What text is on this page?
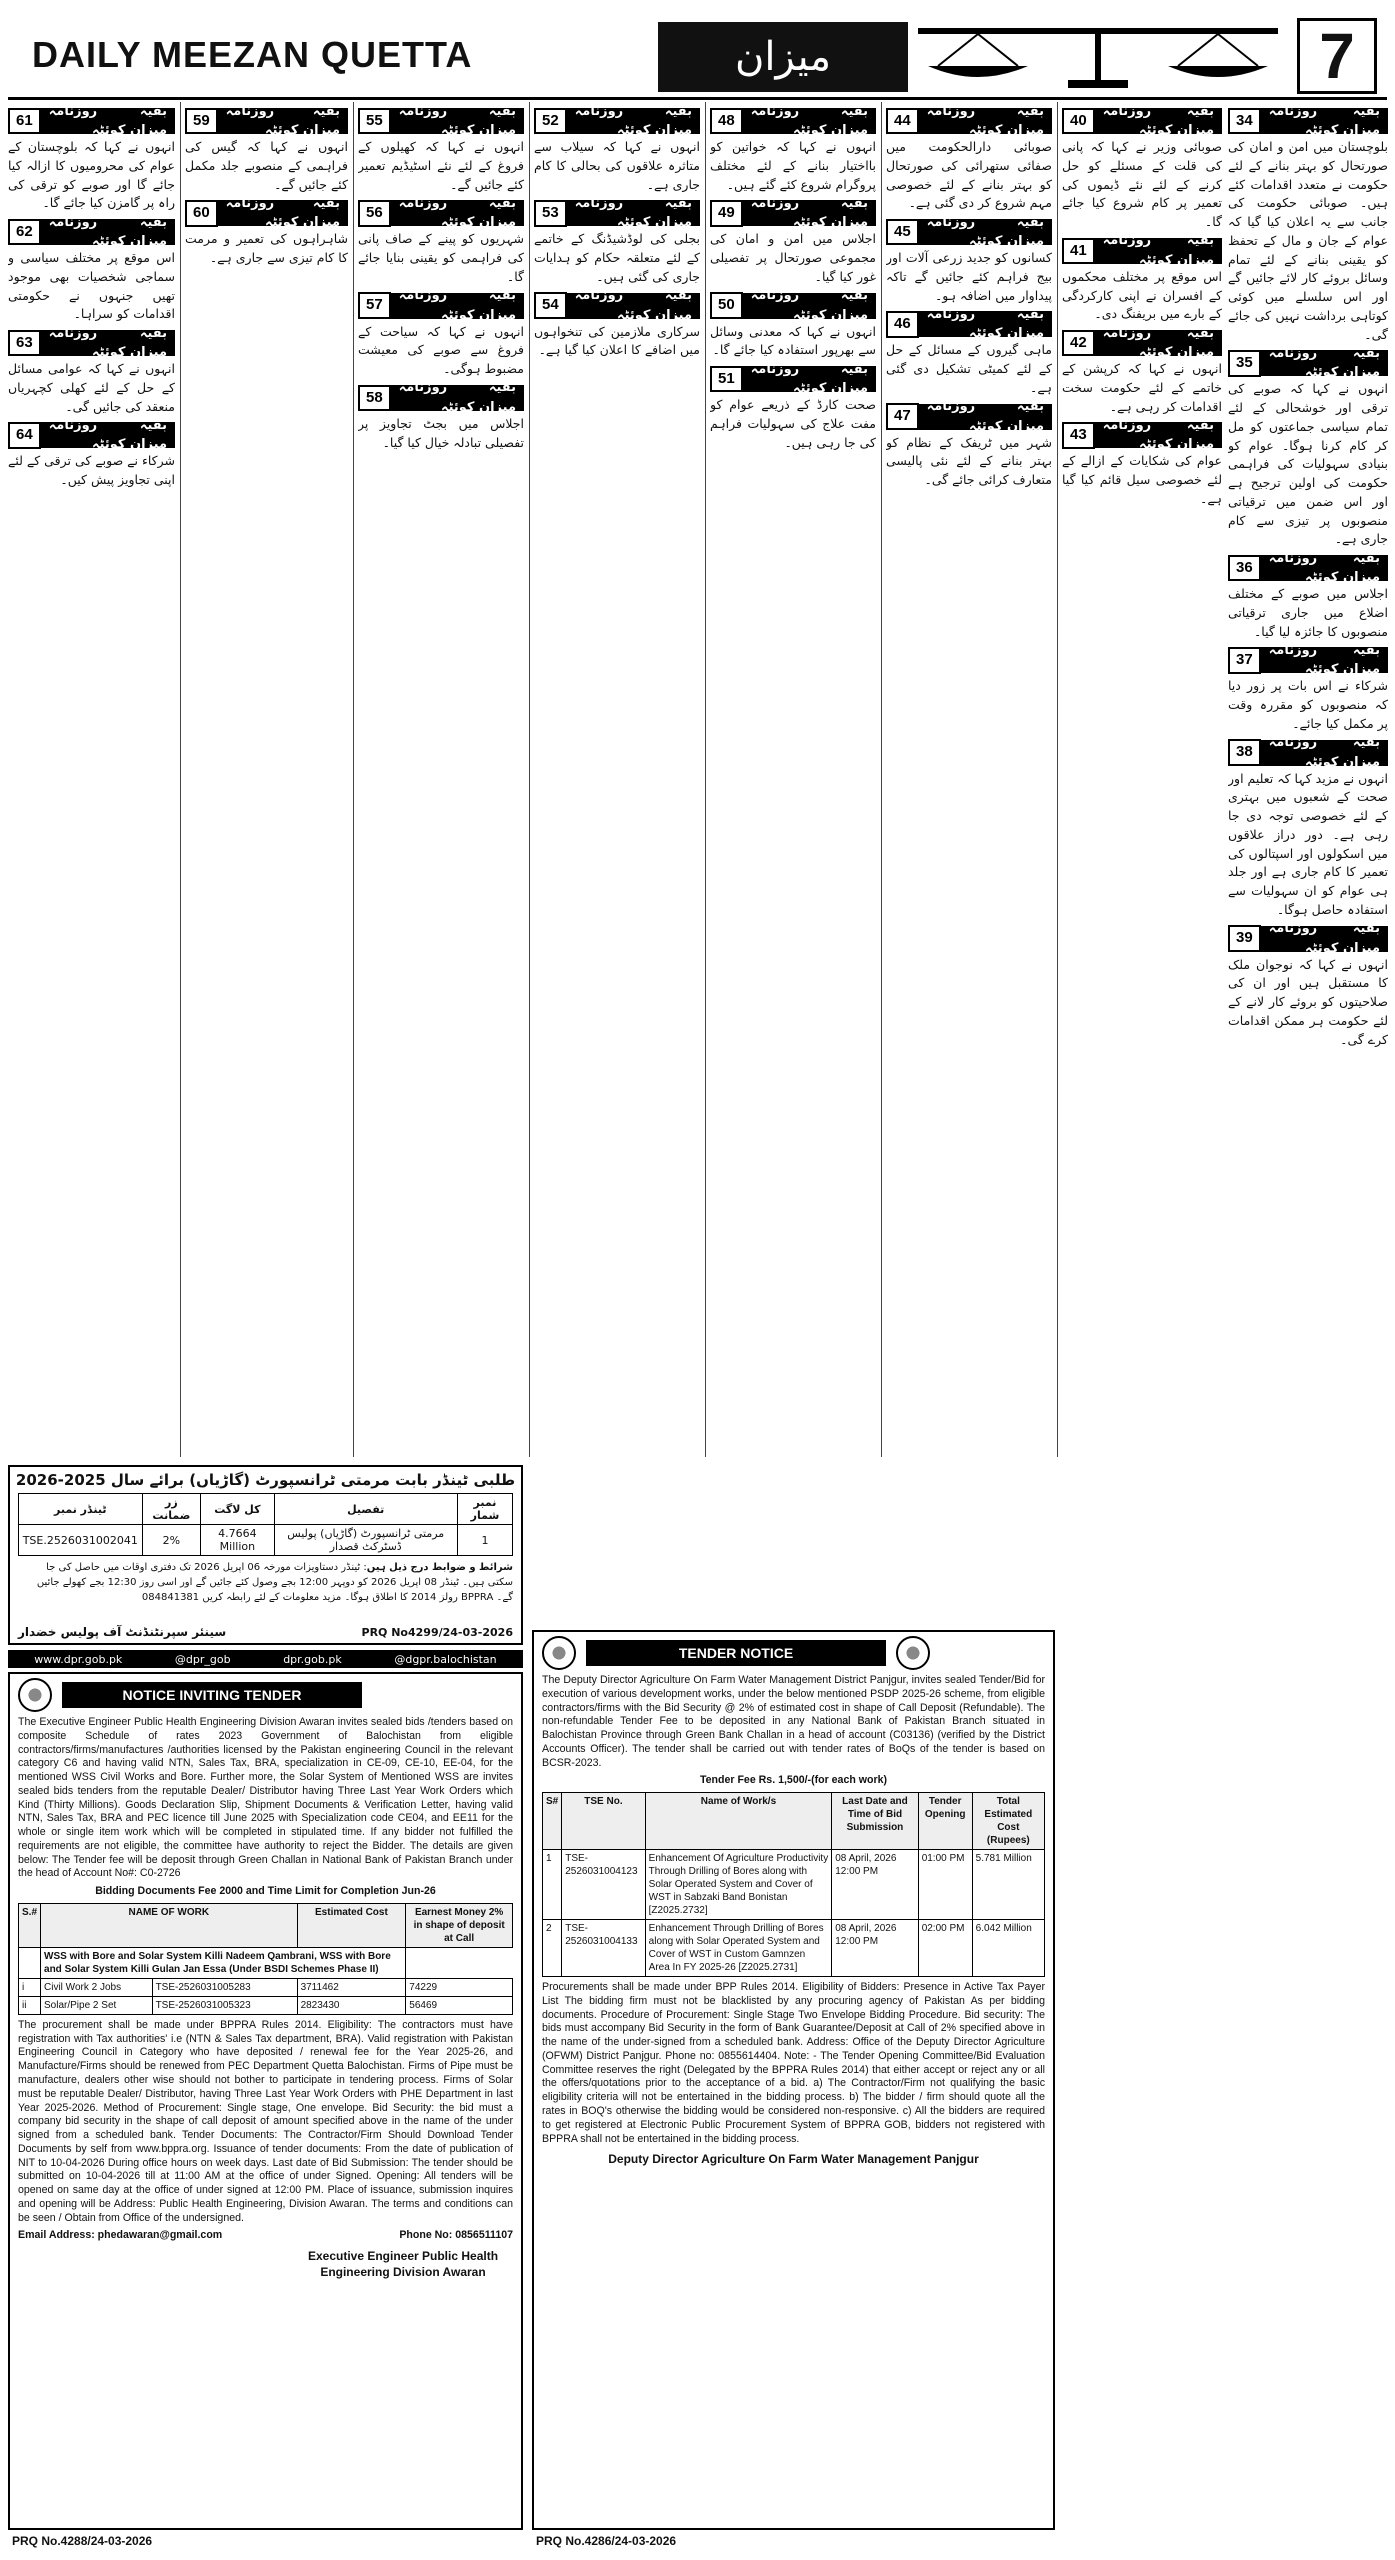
DAILY MEEZAN QUETTA	میزان	7
34
بقیہ روزنامہ میزان کوئٹہ

بلوچستان میں امن و امان کی صورتحال کو بہتر بنانے کے لئے حکومت نے متعدد اقدامات کئے ہیں۔ صوبائی حکومت کی جانب سے یہ اعلان کیا گیا کہ عوام کے جان و مال کے تحفظ کو یقینی بنانے کے لئے تمام وسائل بروئے کار لائے جائیں گے اور اس سلسلے میں کوئی کوتاہی برداشت نہیں کی جائے گی۔

35
بقیہ روزنامہ میزان کوئٹہ

انہوں نے کہا کہ صوبے کی ترقی اور خوشحالی کے لئے تمام سیاسی جماعتوں کو مل کر کام کرنا ہوگا۔ عوام کو بنیادی سہولیات کی فراہمی حکومت کی اولین ترجیح ہے اور اس ضمن میں ترقیاتی منصوبوں پر تیزی سے کام جاری ہے۔

36
بقیہ روزنامہ میزان کوئٹہ

اجلاس میں صوبے کے مختلف اضلاع میں جاری ترقیاتی منصوبوں کا جائزہ لیا گیا۔

37
بقیہ روزنامہ میزان کوئٹہ

شرکاء نے اس بات پر زور دیا کہ منصوبوں کو مقررہ وقت پر مکمل کیا جائے۔

38
بقیہ روزنامہ میزان کوئٹہ

انہوں نے مزید کہا کہ تعلیم اور صحت کے شعبوں میں بہتری کے لئے خصوصی توجہ دی جا رہی ہے۔ دور دراز علاقوں میں اسکولوں اور اسپتالوں کی تعمیر کا کام جاری ہے اور جلد ہی عوام کو ان سہولیات سے استفادہ حاصل ہوگا۔

39
بقیہ روزنامہ میزان کوئٹہ

انہوں نے کہا کہ نوجوان ملک کا مستقبل ہیں اور ان کی صلاحیتوں کو بروئے کار لانے کے لئے حکومت ہر ممکن اقدامات کرے گی۔

40
بقیہ روزنامہ میزان کوئٹہ

صوبائی وزیر نے کہا کہ پانی کی قلت کے مسئلے کو حل کرنے کے لئے نئے ڈیموں کی تعمیر پر کام شروع کیا جائے گا۔

41
بقیہ روزنامہ میزان کوئٹہ

اس موقع پر مختلف محکموں کے افسران نے اپنی کارکردگی کے بارے میں بریفنگ دی۔

42
بقیہ روزنامہ میزان کوئٹہ

انہوں نے کہا کہ کرپشن کے خاتمے کے لئے حکومت سخت اقدامات کر رہی ہے۔

43
بقیہ روزنامہ میزان کوئٹہ

عوام کی شکایات کے ازالے کے لئے خصوصی سیل قائم کیا گیا ہے۔

44
بقیہ روزنامہ میزان کوئٹہ

صوبائی دارالحکومت میں صفائی ستھرائی کی صورتحال کو بہتر بنانے کے لئے خصوصی مہم شروع کر دی گئی ہے۔

45
بقیہ روزنامہ میزان کوئٹہ

کسانوں کو جدید زرعی آلات اور بیج فراہم کئے جائیں گے تاکہ پیداوار میں اضافہ ہو۔

46
بقیہ روزنامہ میزان کوئٹہ

ماہی گیروں کے مسائل کے حل کے لئے کمیٹی تشکیل دی گئی ہے۔

47
بقیہ روزنامہ میزان کوئٹہ

شہر میں ٹریفک کے نظام کو بہتر بنانے کے لئے نئی پالیسی متعارف کرائی جائے گی۔

48
بقیہ روزنامہ میزان کوئٹہ

انہوں نے کہا کہ خواتین کو بااختیار بنانے کے لئے مختلف پروگرام شروع کئے گئے ہیں۔

49
بقیہ روزنامہ میزان کوئٹہ

اجلاس میں امن و امان کی مجموعی صورتحال پر تفصیلی غور کیا گیا۔

50
بقیہ روزنامہ میزان کوئٹہ

انہوں نے کہا کہ معدنی وسائل سے بھرپور استفادہ کیا جائے گا۔

51
بقیہ روزنامہ میزان کوئٹہ

صحت کارڈ کے ذریعے عوام کو مفت علاج کی سہولیات فراہم کی جا رہی ہیں۔

52
بقیہ روزنامہ میزان کوئٹہ

انہوں نے کہا کہ سیلاب سے متاثرہ علاقوں کی بحالی کا کام جاری ہے۔

53
بقیہ روزنامہ میزان کوئٹہ

بجلی کی لوڈشیڈنگ کے خاتمے کے لئے متعلقہ حکام کو ہدایات جاری کی گئی ہیں۔

54
بقیہ روزنامہ میزان کوئٹہ

سرکاری ملازمین کی تنخواہوں میں اضافے کا اعلان کیا گیا ہے۔

55
بقیہ روزنامہ میزان کوئٹہ

انہوں نے کہا کہ کھیلوں کے فروغ کے لئے نئے اسٹیڈیم تعمیر کئے جائیں گے۔

56
بقیہ روزنامہ میزان کوئٹہ

شہریوں کو پینے کے صاف پانی کی فراہمی کو یقینی بنایا جائے گا۔

57
بقیہ روزنامہ میزان کوئٹہ

انہوں نے کہا کہ سیاحت کے فروغ سے صوبے کی معیشت مضبوط ہوگی۔

58
بقیہ روزنامہ میزان کوئٹہ

اجلاس میں بجٹ تجاویز پر تفصیلی تبادلہ خیال کیا گیا۔

59
بقیہ روزنامہ میزان کوئٹہ

انہوں نے کہا کہ گیس کی فراہمی کے منصوبے جلد مکمل کئے جائیں گے۔

60
بقیہ روزنامہ میزان کوئٹہ

شاہراہوں کی تعمیر و مرمت کا کام تیزی سے جاری ہے۔

61
بقیہ روزنامہ میزان کوئٹہ

انہوں نے کہا کہ بلوچستان کے عوام کی محرومیوں کا ازالہ کیا جائے گا اور صوبے کو ترقی کی راہ پر گامزن کیا جائے گا۔

62
بقیہ روزنامہ میزان کوئٹہ

اس موقع پر مختلف سیاسی و سماجی شخصیات بھی موجود تھیں جنہوں نے حکومتی اقدامات کو سراہا۔

63
بقیہ روزنامہ میزان کوئٹہ

انہوں نے کہا کہ عوامی مسائل کے حل کے لئے کھلی کچہریاں منعقد کی جائیں گی۔

64
بقیہ روزنامہ میزان کوئٹہ

شرکاء نے صوبے کی ترقی کے لئے اپنی تجاویز پیش کیں۔

طلبی ٹینڈر بابت مرمتی ٹرانسپورٹ (گاڑیاں) برائے سال 2025-2026
نمبر شمار	تفصیل	کل لاگت	زر ضمانت	ٹینڈر نمبر
1	مرمتی ٹرانسپورٹ (گاڑیاں) پولیس ڈسٹرکٹ قصدار	4.7664 Million	2%	TSE.2526031002041
شرائط و ضوابط درج ذیل ہیں: ٹینڈر دستاویزات مورخہ 06 اپریل 2026 تک دفتری اوقات میں حاصل کی جا سکتی ہیں۔ ٹینڈر 08 اپریل 2026 کو دوپہر 12:00 بجے وصول کئے جائیں گے اور اسی روز 12:30 بجے کھولے جائیں گے۔ BPPRA رولز 2014 کا اطلاق ہوگا۔ مزید معلومات کے لئے رابطہ کریں 084841381
سینئر سپرنٹنڈنٹ آف پولیس خضدار	PRQ No4299/24-03-2026
www.dpr.gob.pk	@dpr_gob	dpr.gob.pk	@dgpr.balochistan
NOTICE INVITING TENDER

The Executive Engineer Public Health Engineering Division Awaran invites sealed bids /tenders based on composite Schedule of rates 2023 Government of Balochistan from eligible contractors/firms/manufactures /authorities licensed by the Pakistan engineering Council in the relevant category C6 and having valid NTN, Sales Tax, BRA, specialization in CE-09, CE-10, EE-04, for the mentioned WSS Civil Works and Bore. Further more, the Solar System of Mentioned WSS are invites sealed bids tenders from the reputable Dealer/ Distributor having Three Last Year Work Orders which Kind (Thirty Millions). Goods Declaration Slip, Shipment Documents & Verification Letter, having valid NTN, Sales Tax, BRA and PEC licence till June 2025 with Specialization code CE04, and EE11 for the whole or single item work which will be completed in stipulated time. If any bidder not fulfilled the requirements are not eligible, the committee have authority to reject the Bidder. The details are given below: The Tender fee will be deposit through Green Challan in National Bank of Pakistan Branch under the head of Account No#: C0-2726

Bidding Documents Fee 2000 and Time Limit for Completion Jun-26

S.#	NAME OF WORK		Estimated Cost	Earnest Money 2% in shape of deposit at Call
	WSS with Bore and Solar System Killi Nadeem Qambrani, WSS with Bore and Solar System Killi Gulan Jan Essa (Under BSDI Schemes Phase II)			
i	Civil Work 2 Jobs	TSE-2526031005283	3711462	74229
ii	Solar/Pipe 2 Set	TSE-2526031005323	2823430	56469

The procurement shall be made under BPPRA Rules 2014. Eligibility: The contractors must have registration with Tax authorities' i.e (NTN & Sales Tax department, BRA). Valid registration with Pakistan Engineering Council in Category who have deposited / renewal fee for the Year 2025-26, and Manufacture/Firms should be renewed from PEC Department Quetta Balochistan. Firms of Pipe must be manufacture, dealers other wise should not bother to participate in tendering process. Firms of Solar must be reputable Dealer/ Distributor, having Three Last Year Work Orders with PHE Department in last Year 2025-2026. Method of Procurement: Single stage, One envelope. Bid Security: the bid must a company bid security in the shape of call deposit of amount specified above in the name of the under signed from a scheduled bank. Tender Documents: The Contractor/Firm Should Download Tender Documents by self from www.bppra.org. Issuance of tender documents: From the date of publication of NIT to 10-04-2026 During office hours on week days. Last date of Bid Submission: The tender should be submitted on 10-04-2026 till at 11:00 AM at the office of under Signed. Opening: All tenders will be opened on same day at the office of under signed at 12:00 PM. Place of issuance, submission inquires and opening will be Address: Public Health Engineering, Division Awaran. The terms and conditions can be seen / Obtain from Office of the undersigned.

Email Address: phedawaran@gmail.com	Phone No: 0856511107
Executive Engineer Public Health Engineering Division Awaran
PRQ No.4288/24-03-2026
TENDER NOTICE

The Deputy Director Agriculture On Farm Water Management District Panjgur, invites sealed Tender/Bid for execution of various development works, under the below mentioned PSDP 2025-26 scheme, from eligible contractors/firms with the Bid Security @ 2% of estimated cost in shape of Call Deposit (Refundable). The non-refundable Tender Fee to be deposited in any National Bank of Pakistan Branch situated in Balochistan Province through Green Bank Challan in a head of account (C03136) (verified by the District Accounts Officer). The tender shall be carried out with tender rates of BoQs of the tender is based on BCSR-2023.

Tender Fee Rs. 1,500/-(for each work)

S#	TSE No.	Name of Work/s	Last Date and Time of Bid Submission	Tender Opening	Total Estimated Cost (Rupees)
1	TSE-2526031004123	Enhancement Of Agriculture Productivity Through Drilling of Bores along with Solar Operated System and Cover of WST in Sabzaki Band Bonistan [Z2025.2732]	08 April, 2026 12:00 PM	01:00 PM	5.781 Million
2	TSE-2526031004133	Enhancement Through Drilling of Bores along with Solar Operated System and Cover of WST in Custom Gamnzen Area In FY 2025-26 [Z2025.2731]	08 April, 2026 12:00 PM	02:00 PM	6.042 Million

Procurements shall be made under BPP Rules 2014. Eligibility of Bidders: Presence in Active Tax Payer List The bidding firm must not be blacklisted by any procuring agency of Pakistan As per bidding documents. Procedure of Procurement: Single Stage Two Envelope Bidding Procedure. Bid security: The bids must accompany Bid Security in the form of Bank Guarantee/Deposit at Call of 2% specified above in the name of the under-signed from a scheduled bank. Address: Office of the Deputy Director Agriculture (OFWM) District Panjgur. Phone no: 0855614404. Note: - The Tender Opening Committee/Bid Evaluation Committee reserves the right (Delegated by the BPPRA Rules 2014) that either accept or reject any or all the offers/quotations prior to the acceptance of a bid. a) The Contractor/Firm not qualifying the basic eligibility criteria will not be entertained in the bidding process. b) The bidder / firm should quote all the rates in BOQ's otherwise the bidding would be considered non-responsive. c) All the bidders are required to get registered at Electronic Public Procurement System of BPPRA GOB, bidders not registered with BPPRA shall not be entertained in the bidding process.

Deputy Director Agriculture On Farm Water Management Panjgur
PRQ No.4286/24-03-2026
